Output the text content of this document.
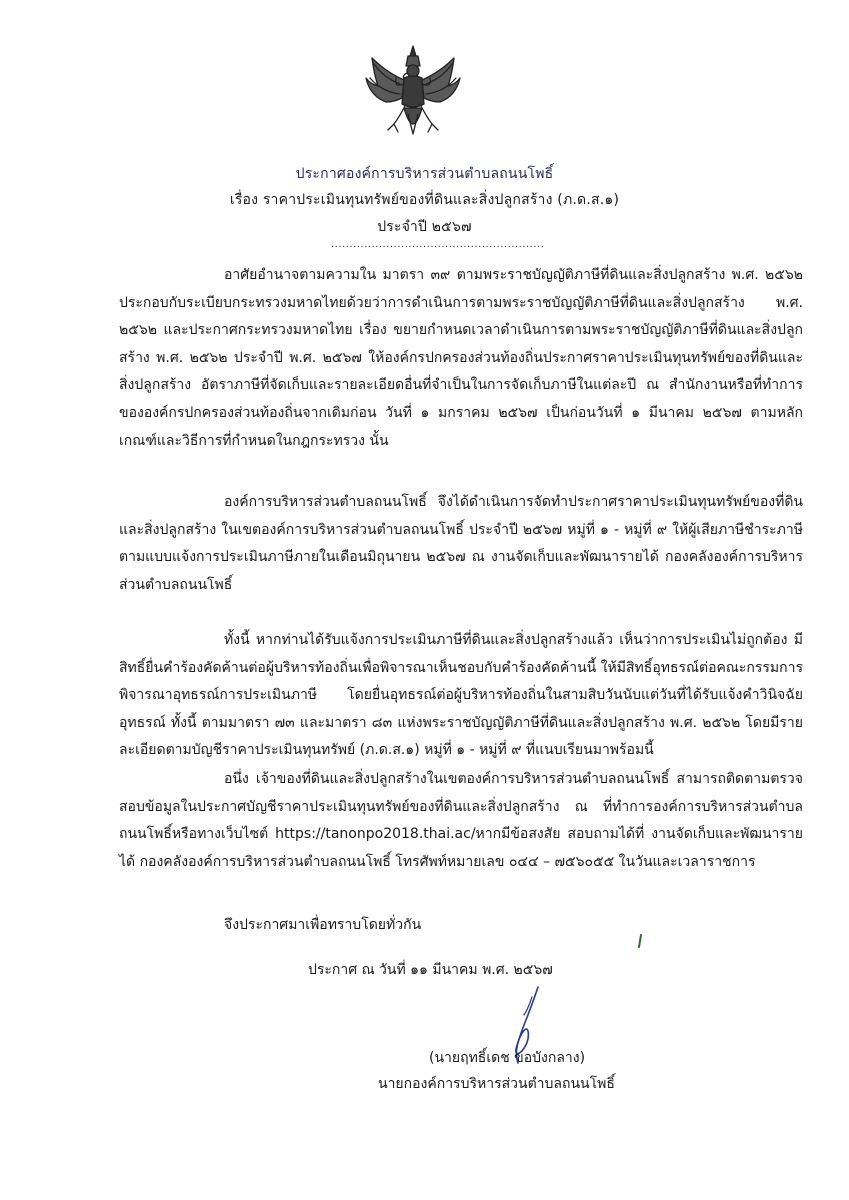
ประกาศองค์การบริหารส่วนตำบลถนนโพธิ์
เรื่อง ราคาประเมินทุนทรัพย์ของที่ดินและสิ่งปลูกสร้าง (ภ.ด.ส.๑)
ประจำปี ๒๕๖๗
..........................................................

อาศัยอำนาจตามความใน มาตรา ๓๙ ตามพระราชบัญญัติภาษีที่ดินและสิ่งปลูกสร้าง พ.ศ. ๒๕๖๒ ประกอบกับระเบียบกระทรวงมหาดไทยด้วยว่าการดำเนินการตามพระราชบัญญัติภาษีที่ดินและสิ่งปลูกสร้าง พ.ศ. ๒๕๖๒ และประกาศกระทรวงมหาดไทย เรื่อง ขยายกำหนดเวลาดำเนินการตามพระราชบัญญัติภาษีที่ดินและสิ่งปลูกสร้าง พ.ศ. ๒๕๖๒ ประจำปี พ.ศ. ๒๕๖๗ ให้องค์กรปกครองส่วนท้องถิ่นประกาศราคาประเมินทุนทรัพย์ของที่ดินและสิ่งปลูกสร้าง อัตราภาษีที่จัดเก็บและรายละเอียดอื่นที่จำเป็นในการจัดเก็บภาษีในแต่ละปี ณ สำนักงานหรือที่ทำการขององค์กรปกครองส่วนท้องถิ่นจากเดิมก่อน วันที่ ๑ มกราคม ๒๕๖๗ เป็นก่อนวันที่ ๑ มีนาคม ๒๕๖๗ ตามหลักเกณฑ์และวิธีการที่กำหนดในกฎกระทรวง นั้น

องค์การบริหารส่วนตำบลถนนโพธิ์ จึงได้ดำเนินการจัดทำประกาศราคาประเมินทุนทรัพย์ของที่ดินและสิ่งปลูกสร้าง ในเขตองค์การบริหารส่วนตำบลถนนโพธิ์ ประจำปี ๒๕๖๗ หมู่ที่ ๑ - หมู่ที่ ๙ ให้ผู้เสียภาษีชำระภาษีตามแบบแจ้งการประเมินภาษีภายในเดือนมิถุนายน ๒๕๖๗ ณ งานจัดเก็บและพัฒนารายได้ กองคลังองค์การบริหารส่วนตำบลถนนโพธิ์

ทั้งนี้ หากท่านได้รับแจ้งการประเมินภาษีที่ดินและสิ่งปลูกสร้างแล้ว เห็นว่าการประเมินไม่ถูกต้อง มีสิทธิ์ยื่นคำร้องคัดค้านต่อผู้บริหารท้องถิ่นเพื่อพิจารณาเห็นชอบกับคำร้องคัดค้านนี้ ให้มีสิทธิ์อุทธรณ์ต่อคณะกรรมการพิจารณาอุทธรณ์การประเมินภาษี โดยยื่นอุทธรณ์ต่อผู้บริหารท้องถิ่นในสามสิบวันนับแต่วันที่ได้รับแจ้งคำวินิจฉัยอุทธรณ์ ทั้งนี้ ตามมาตรา ๗๓ และมาตรา ๘๓ แห่งพระราชบัญญัติภาษีที่ดินและสิ่งปลูกสร้าง พ.ศ. ๒๕๖๒ โดยมีรายละเอียดตามบัญชีราคาประเมินทุนทรัพย์ (ภ.ด.ส.๑) หมู่ที่ ๑ - หมู่ที่ ๙ ที่แนบเรียนมาพร้อมนี้

อนึ่ง เจ้าของที่ดินและสิ่งปลูกสร้างในเขตองค์การบริหารส่วนตำบลถนนโพธิ์ สามารถติดตามตรวจสอบข้อมูลในประกาศบัญชีราคาประเมินทุนทรัพย์ของที่ดินและสิ่งปลูกสร้าง ณ ที่ทำการองค์การบริหารส่วนตำบลถนนโพธิ์หรือทางเว็บไซต์ https://tanonpo2018.thai.ac/หากมีข้อสงสัย สอบถามได้ที่ งานจัดเก็บและพัฒนารายได้ กองคลังองค์การบริหารส่วนตำบลถนนโพธิ์ โทรศัพท์หมายเลข ๐๔๔ – ๗๕๖๐๕๕ ในวันและเวลาราชการ

จึงประกาศมาเพื่อทราบโดยทั่วกัน
ประกาศ ณ วันที่ ๑๑ มีนาคม พ.ศ. ๒๕๖๗
(นายฤทธิ์เดช ขอบังกลาง)
นายกองค์การบริหารส่วนตำบลถนนโพธิ์
